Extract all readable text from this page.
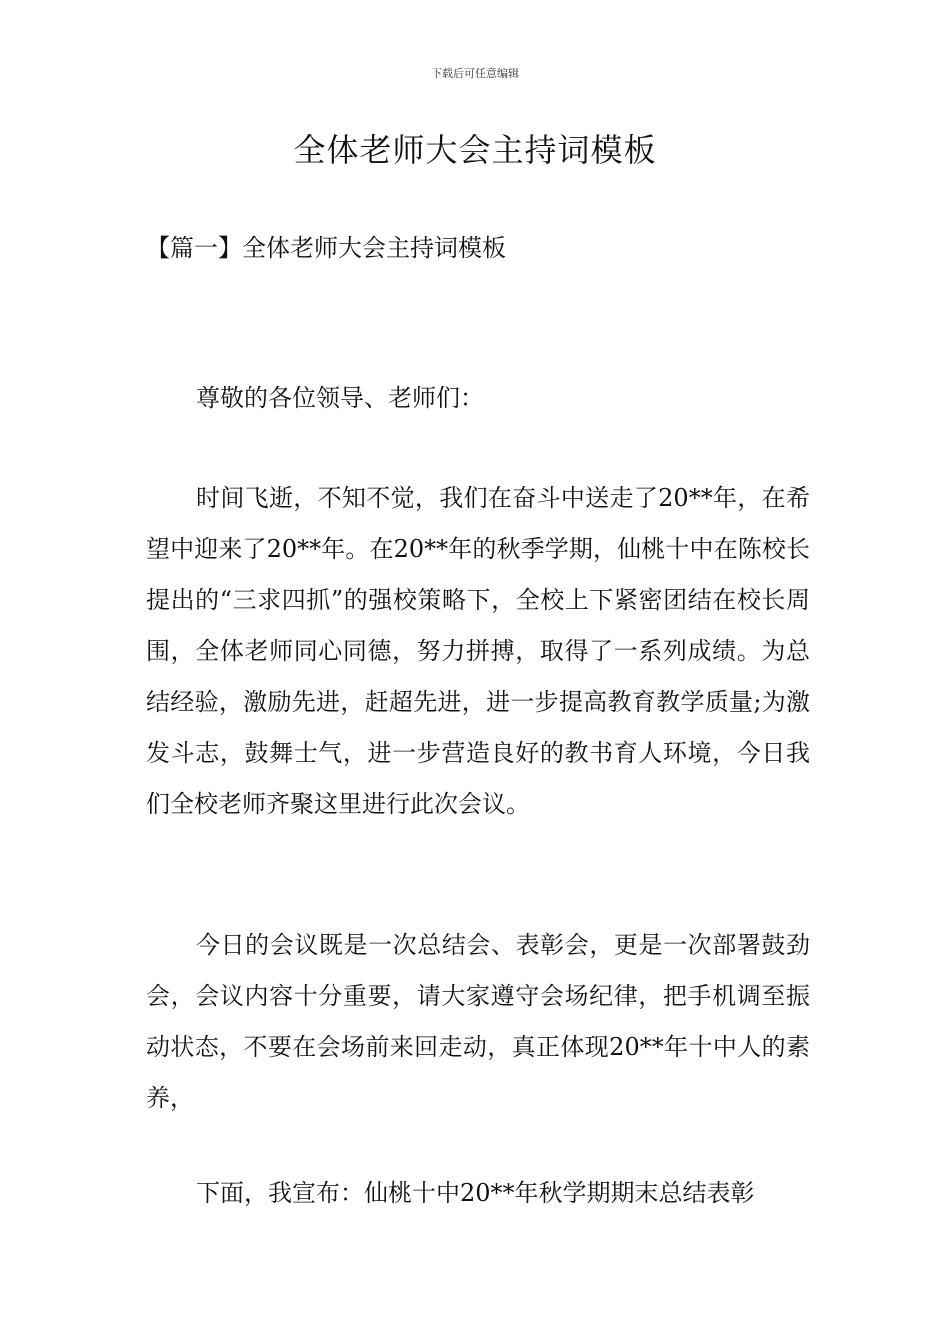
下载后可任意编辑
全体老师大会主持词模板
【篇一】全体老师大会主持词模板

尊敬的各位领导、老师们：

时间飞逝，不知不觉，我们在奋斗中送走了20**年，在希望中迎来了20**年。在20**年的秋季学期，仙桃十中在陈校长提出的“三求四抓”的强校策略下，全校上下紧密团结在校长周围，全体老师同心同德，努力拼搏，取得了一系列成绩。为总结经验，激励先进，赶超先进，进一步提高教育教学质量;为激发斗志，鼓舞士气，进一步营造良好的教书育人环境，今日我们全校老师齐聚这里进行此次会议。

今日的会议既是一次总结会、表彰会，更是一次部署鼓劲会，会议内容十分重要，请大家遵守会场纪律，把手机调至振动状态，不要在会场前来回走动，真正体现20**年十中人的素养，

下面，我宣布：仙桃十中20**年秋学期期末总结表彰
